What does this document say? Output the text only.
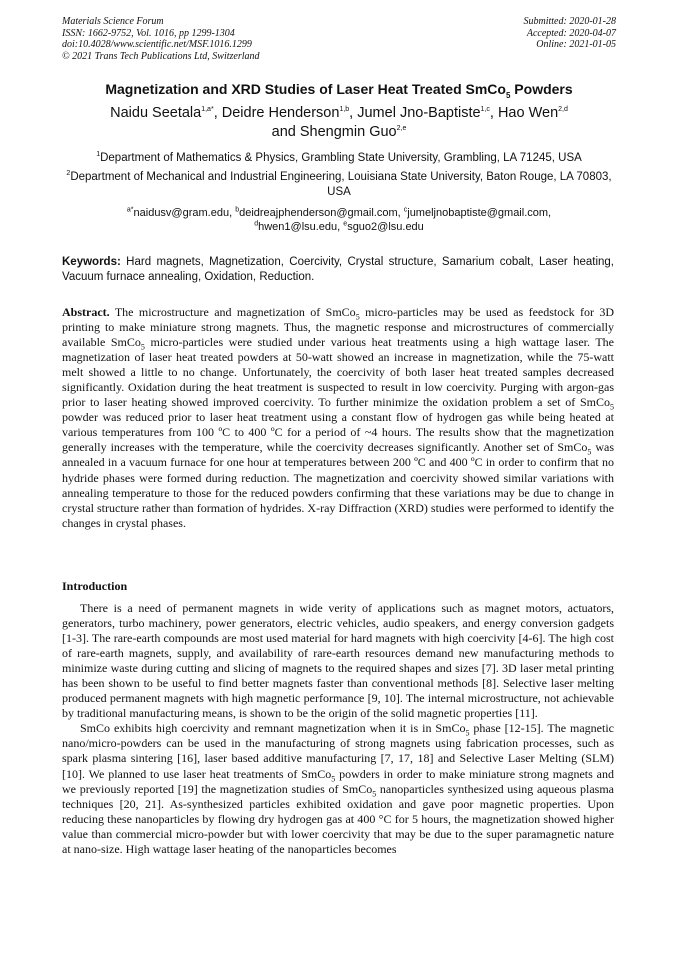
Materials Science Forum
ISSN: 1662-9752, Vol. 1016, pp 1299-1304
doi:10.4028/www.scientific.net/MSF.1016.1299
© 2021 Trans Tech Publications Ltd, Switzerland
Submitted: 2020-01-28
Accepted: 2020-04-07
Online: 2021-01-05
Magnetization and XRD Studies of Laser Heat Treated SmCo$_5$ Powders
Naidu Seetala$^{1,a*}$, Deidre Henderson$^{1,b}$, Jumel Jno-Baptiste$^{1,c}$, Hao Wen$^{2,d}$
and Shengmin Guo$^{2,e}$
$^1$Department of Mathematics & Physics, Grambling State University, Grambling, LA 71245, USA
$^2$Department of Mechanical and Industrial Engineering, Louisiana State University, Baton Rouge, LA 70803, USA
$^{a*}$naidusv@gram.edu, $^b$deidreajphenderson@gmail.com, $^c$jumeljnobaptiste@gmail.com,
$^d$hwen1@lsu.edu, $^e$sguo2@lsu.edu
Keywords: Hard magnets, Magnetization, Coercivity, Crystal structure, Samarium cobalt, Laser heating, Vacuum furnace annealing, Oxidation, Reduction.

Abstract. The microstructure and magnetization of SmCo$_5$ micro-particles may be used as feedstock for 3D printing to make miniature strong magnets. Thus, the magnetic response and microstructures of commercially available SmCo$_5$ micro-particles were studied under various heat treatments using a high wattage laser. The magnetization of laser heat treated powders at 50-watt showed an increase in magnetization, while the 75-watt melt showed a little to no change. Unfortunately, the coercivity of both laser heat treated samples decreased significantly. Oxidation during the heat treatment is suspected to result in low coercivity. Purging with argon-gas prior to laser heating showed improved coercivity. To further minimize the oxidation problem a set of SmCo$_5$ powder was reduced prior to laser heat treatment using a constant flow of hydrogen gas while being heated at various temperatures from 100 ºC to 400 ºC for a period of ~4 hours. The results show that the magnetization generally increases with the temperature, while the coercivity decreases significantly. Another set of SmCo$_5$ was annealed in a vacuum furnace for one hour at temperatures between 200 ºC and 400 ºC in order to confirm that no hydride phases were formed during reduction. The magnetization and coercivity showed similar variations with annealing temperature to those for the reduced powders confirming that these variations may be due to change in crystal structure rather than formation of hydrides. X-ray Diffraction (XRD) studies were performed to identify the changes in crystal phases.

Introduction

There is a need of permanent magnets in wide verity of applications such as magnet motors, actuators, generators, turbo machinery, power generators, electric vehicles, audio speakers, and energy conversion gadgets [1-3]. The rare-earth compounds are most used material for hard magnets with high coercivity [4-6]. The high cost of rare-earth magnets, supply, and availability of rare-earth resources demand new manufacturing methods to minimize waste during cutting and slicing of magnets to the required shapes and sizes [7]. 3D laser metal printing has been shown to be useful to find better magnets faster than conventional methods [8]. Selective laser melting produced permanent magnets with high magnetic performance [9, 10]. The internal microstructure, not achievable by traditional manufacturing means, is shown to be the origin of the solid magnetic properties [11].

SmCo exhibits high coercivity and remnant magnetization when it is in SmCo$_5$ phase [12-15]. The magnetic nano/micro-powders can be used in the manufacturing of strong magnets using fabrication processes, such as spark plasma sintering [16], laser based additive manufacturing [7, 17, 18] and Selective Laser Melting (SLM) [10]. We planned to use laser heat treatments of SmCo$_5$ powders in order to make miniature strong magnets and we previously reported [19] the magnetization studies of SmCo$_5$ nanoparticles synthesized using aqueous plasma techniques [20, 21]. As-synthesized particles exhibited oxidation and gave poor magnetic properties. Upon reducing these nanoparticles by flowing dry hydrogen gas at 400 °C for 5 hours, the magnetization showed higher value than commercial micro-powder but with lower coercivity that may be due to the super paramagnetic nature at nano-size. High wattage laser heating of the nanoparticles becomes
